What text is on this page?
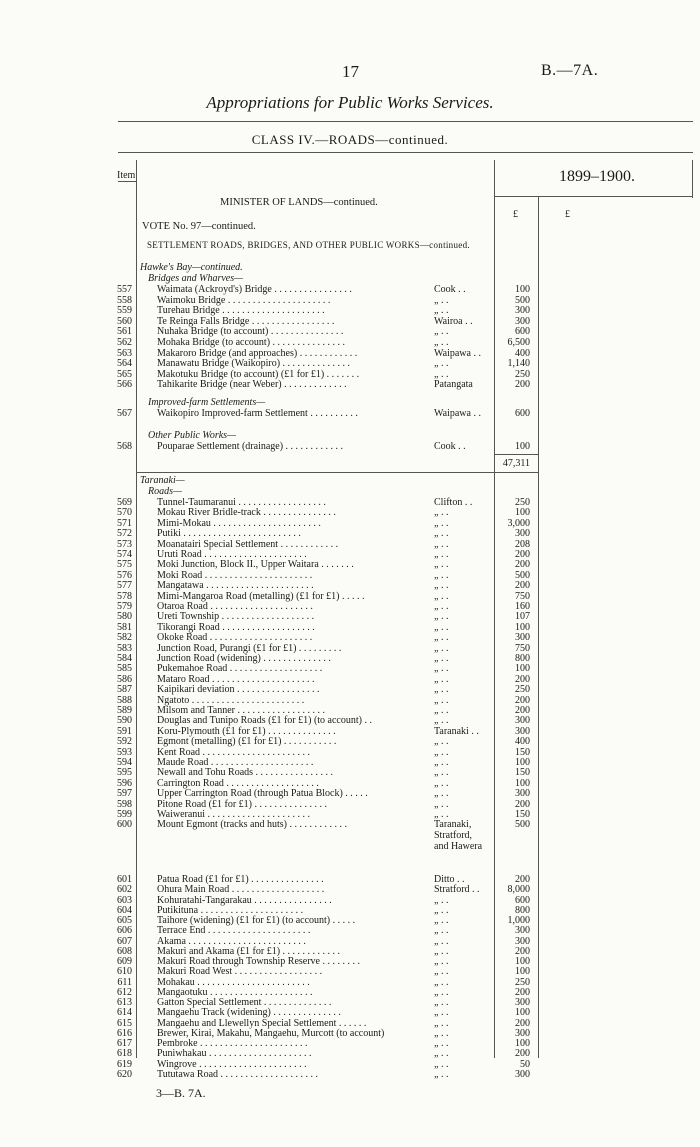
17	B.—7A.
Appropriations for Public Works Services.
CLASS IV.—ROADS—continued.
Item	1899–1900.
£	£
MINISTER OF LANDS—continued.
VOTE No. 97—continued.
SETTLEMENT ROADS, BRIDGES, AND OTHER PUBLIC WORKS—continued.
Hawke's Bay—continued.
Bridges and Wharves—
557	Waimata (Ackroyd's) Bridge . . . . . . . . . . . . . . . .	Cook . .	100
558	Waimoku Bridge . . . . . . . . . . . . . . . . . . . . .	„ . .	500
559	Turehau Bridge . . . . . . . . . . . . . . . . . . . . .	„ . .	300
560	Te Reinga Falls Bridge . . . . . . . . . . . . . . . . .	Wairoa . .	300
561	Nuhaka Bridge (to account) . . . . . . . . . . . . . . .	„ . .	600
562	Mohaka Bridge (to account) . . . . . . . . . . . . . . .	„ . .	6,500
563	Makaroro Bridge (and approaches) . . . . . . . . . . . .	Waipawa . .	400
564	Manawatu Bridge (Waikopiro) . . . . . . . . . . . . . .	„ . .	1,140
565	Makotuku Bridge (to account) (£1 for £1) . . . . . . .	„ . .	250
566	Tahikarite Bridge (near Weber) . . . . . . . . . . . . .	Patangata	200
Improved-farm Settlements—
567	Waikopiro Improved-farm Settlement . . . . . . . . . .	Waipawa . .	600
Other Public Works—
568	Pouparae Settlement (drainage) . . . . . . . . . . . .	Cook . .	100
47,311
Taranaki—
Roads—
569	Tunnel-Taumaranui . . . . . . . . . . . . . . . . . .	Clifton . .	250
570	Mokau River Bridle-track . . . . . . . . . . . . . . .	„ . .	100
571	Mimi-Mokau . . . . . . . . . . . . . . . . . . . . . .	„ . .	3,000
572	Putiki . . . . . . . . . . . . . . . . . . . . . . . .	„ . .	300
573	Moanatairi Special Settlement . . . . . . . . . . . .	„ . .	208
574	Uruti Road . . . . . . . . . . . . . . . . . . . . .	„ . .	200
575	Moki Junction, Block II., Upper Waitara . . . . . . .	„ . .	200
576	Moki Road . . . . . . . . . . . . . . . . . . . . . .	„ . .	500
577	Mangatawa . . . . . . . . . . . . . . . . . . . . . .	„ . .	200
578	Mimi-Mangaroa Road (metalling) (£1 for £1) . . . . .	„ . .	750
579	Otaroa Road . . . . . . . . . . . . . . . . . . . . .	„ . .	160
580	Ureti Township . . . . . . . . . . . . . . . . . . .	„ . .	107
581	Tikorangi Road . . . . . . . . . . . . . . . . . . .	„ . .	100
582	Okoke Road . . . . . . . . . . . . . . . . . . . . .	„ . .	300
583	Junction Road, Purangi (£1 for £1) . . . . . . . . .	„ . .	750
584	Junction Road (widening) . . . . . . . . . . . . . .	„ . .	800
585	Pukemahoe Road . . . . . . . . . . . . . . . . . . .	„ . .	100
586	Mataro Road . . . . . . . . . . . . . . . . . . . . .	„ . .	200
587	Kaipikari deviation . . . . . . . . . . . . . . . . .	„ . .	250
588	Ngatoto . . . . . . . . . . . . . . . . . . . . . . .	„ . .	200
589	Milsom and Tanner . . . . . . . . . . . . . . . . . .	„ . .	200
590	Douglas and Tunipo Roads (£1 for £1) (to account) . .	„ . .	300
591	Koru-Plymouth (£1 for £1) . . . . . . . . . . . . . .	Taranaki . .	300
592	Egmont (metalling) (£1 for £1) . . . . . . . . . . .	„ . .	400
593	Kent Road . . . . . . . . . . . . . . . . . . . . . .	„ . .	150
594	Maude Road . . . . . . . . . . . . . . . . . . . . .	„ . .	100
595	Newall and Tohu Roads . . . . . . . . . . . . . . . .	„ . .	150
596	Carrington Road . . . . . . . . . . . . . . . . . . .	„ . .	100
597	Upper Carrington Road (through Patua Block) . . . . .	„ . .	300
598	Pitone Road (£1 for £1) . . . . . . . . . . . . . . .	„ . .	200
599	Waiweranui . . . . . . . . . . . . . . . . . . . . .	„ . .	150
600	Mount Egmont (tracks and huts) . . . . . . . . . . . .	Taranaki,	500
Stratford,
and Hawera
601	Patua Road (£1 for £1) . . . . . . . . . . . . . . .	Ditto . .	200
602	Ohura Main Road . . . . . . . . . . . . . . . . . . .	Stratford . .	8,000
603	Kohuratahi-Tangarakau . . . . . . . . . . . . . . . .	„ . .	600
604	Putikituna . . . . . . . . . . . . . . . . . . . . .	„ . .	800
605	Taihore (widening) (£1 for £1) (to account) . . . . .	„ . .	1,000
606	Terrace End . . . . . . . . . . . . . . . . . . . . .	„ . .	300
607	Akama . . . . . . . . . . . . . . . . . . . . . . . .	„ . .	300
608	Makuri and Akama (£1 for £1) . . . . . . . . . . . .	„ . .	200
609	Makuri Road through Township Reserve . . . . . . . .	„ . .	100
610	Makuri Road West . . . . . . . . . . . . . . . . . .	„ . .	100
611	Mohakau . . . . . . . . . . . . . . . . . . . . . . .	„ . .	250
612	Mangaotuku . . . . . . . . . . . . . . . . . . . . .	„ . .	200
613	Gatton Special Settlement . . . . . . . . . . . . . .	„ . .	300
614	Mangaehu Track (widening) . . . . . . . . . . . . . .	„ . .	100
615	Mangaehu and Llewellyn Special Settlement . . . . . .	„ . .	200
616	Brewer, Kirai, Makahu, Mangaehu, Murcott (to account)	„ . .	300
617	Pembroke . . . . . . . . . . . . . . . . . . . . . .	„ . .	100
618	Puniwhakau . . . . . . . . . . . . . . . . . . . . .	„ . .	200
619	Wingrove . . . . . . . . . . . . . . . . . . . . . .	„ . .	50
620	Tututawa Road . . . . . . . . . . . . . . . . . . . .	„ . .	300
3—B. 7A.
